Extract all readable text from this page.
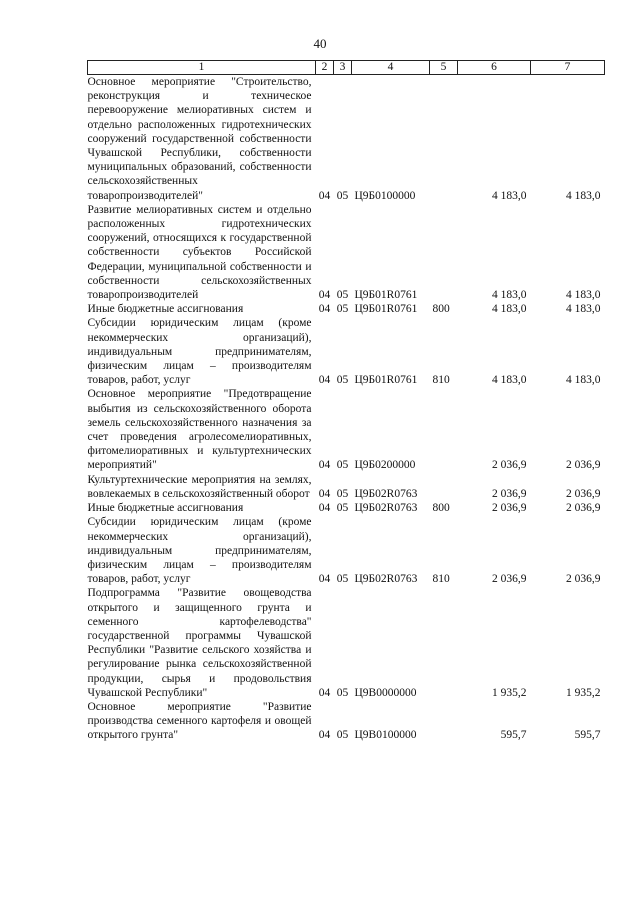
40
1	2	3	4	5	6	7
Основное мероприятие "Строительство, реконструкция и техническое перевооружение мелиоративных систем и отдельно расположенных гидротехнических сооружений государственной собственности Чувашской Республики, собственности муниципальных образований, собственности сельскохозяйственных товаропроизводителей"	04	05	Ц9Б0100000		4 183,0	4 183,0
Развитие мелиоративных систем и отдельно расположенных гидротехнических сооружений, относящихся к государственной собственности субъектов Российской Федерации, муниципальной собственности и собственности сельскохозяйственных товаропроизводителей	04	05	Ц9Б01R0761		4 183,0	4 183,0
Иные бюджетные ассигнования	04	05	Ц9Б01R0761	800	4 183,0	4 183,0
Субсидии юридическим лицам (кроме некоммерческих организаций), индивидуальным предпринимателям, физическим лицам – производителям товаров, работ, услуг	04	05	Ц9Б01R0761	810	4 183,0	4 183,0
Основное мероприятие "Предотвращение выбытия из сельскохозяйственного оборота земель сельскохозяйственного назначения за счет проведения агролесомелиоративных, фитомелиоративных и культуртехнических мероприятий"	04	05	Ц9Б0200000		2 036,9	2 036,9
Культуртехнические мероприятия на землях, вовлекаемых в сельскохозяйственный оборот	04	05	Ц9Б02R0763		2 036,9	2 036,9
Иные бюджетные ассигнования	04	05	Ц9Б02R0763	800	2 036,9	2 036,9
Субсидии юридическим лицам (кроме некоммерческих организаций), индивидуальным предпринимателям, физическим лицам – производителям товаров, работ, услуг	04	05	Ц9Б02R0763	810	2 036,9	2 036,9
Подпрограмма "Развитие овощеводства открытого и защищенного грунта и семенного картофелеводства" государственной программы Чувашской Республики "Развитие сельского хозяйства и регулирование рынка сельскохозяйственной продукции, сырья и продовольствия Чувашской Республики"	04	05	Ц9В0000000		1 935,2	1 935,2
Основное мероприятие "Развитие производства семенного картофеля и овощей открытого грунта"	04	05	Ц9В0100000		595,7	595,7
